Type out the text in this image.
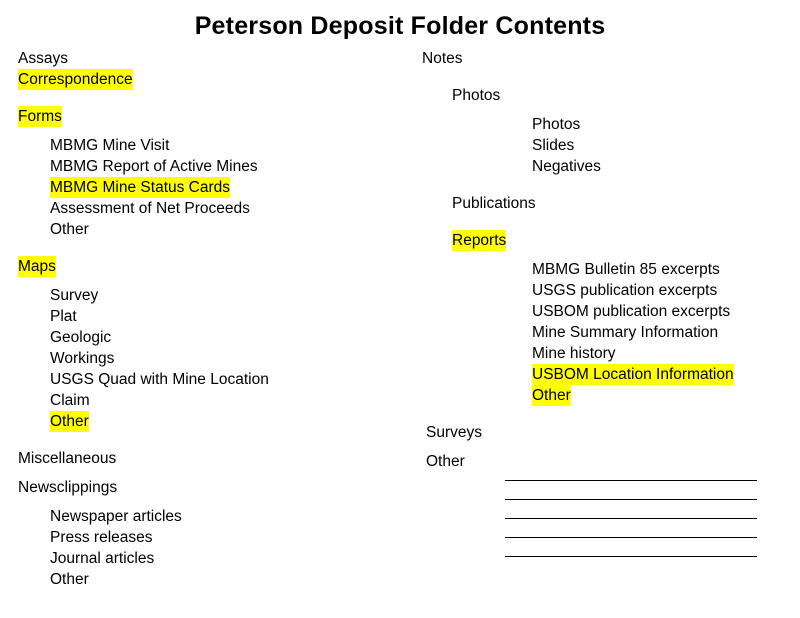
Peterson Deposit Folder Contents
Assays
Correspondence
Forms
MBMG Mine Visit
MBMG Report of Active Mines
MBMG Mine Status Cards
Assessment of Net Proceeds
Other
Maps
Survey
Plat
Geologic
Workings
USGS Quad with Mine Location
Claim
Other
Miscellaneous
Newsclippings
Newspaper articles
Press releases
Journal articles
Other
Notes
Photos
Photos
Slides
Negatives
Publications
Reports
MBMG Bulletin 85 excerpts
USGS publication excerpts
USBOM publication excerpts
Mine Summary Information
Mine history
USBOM Location Information
Other
Surveys
Other
